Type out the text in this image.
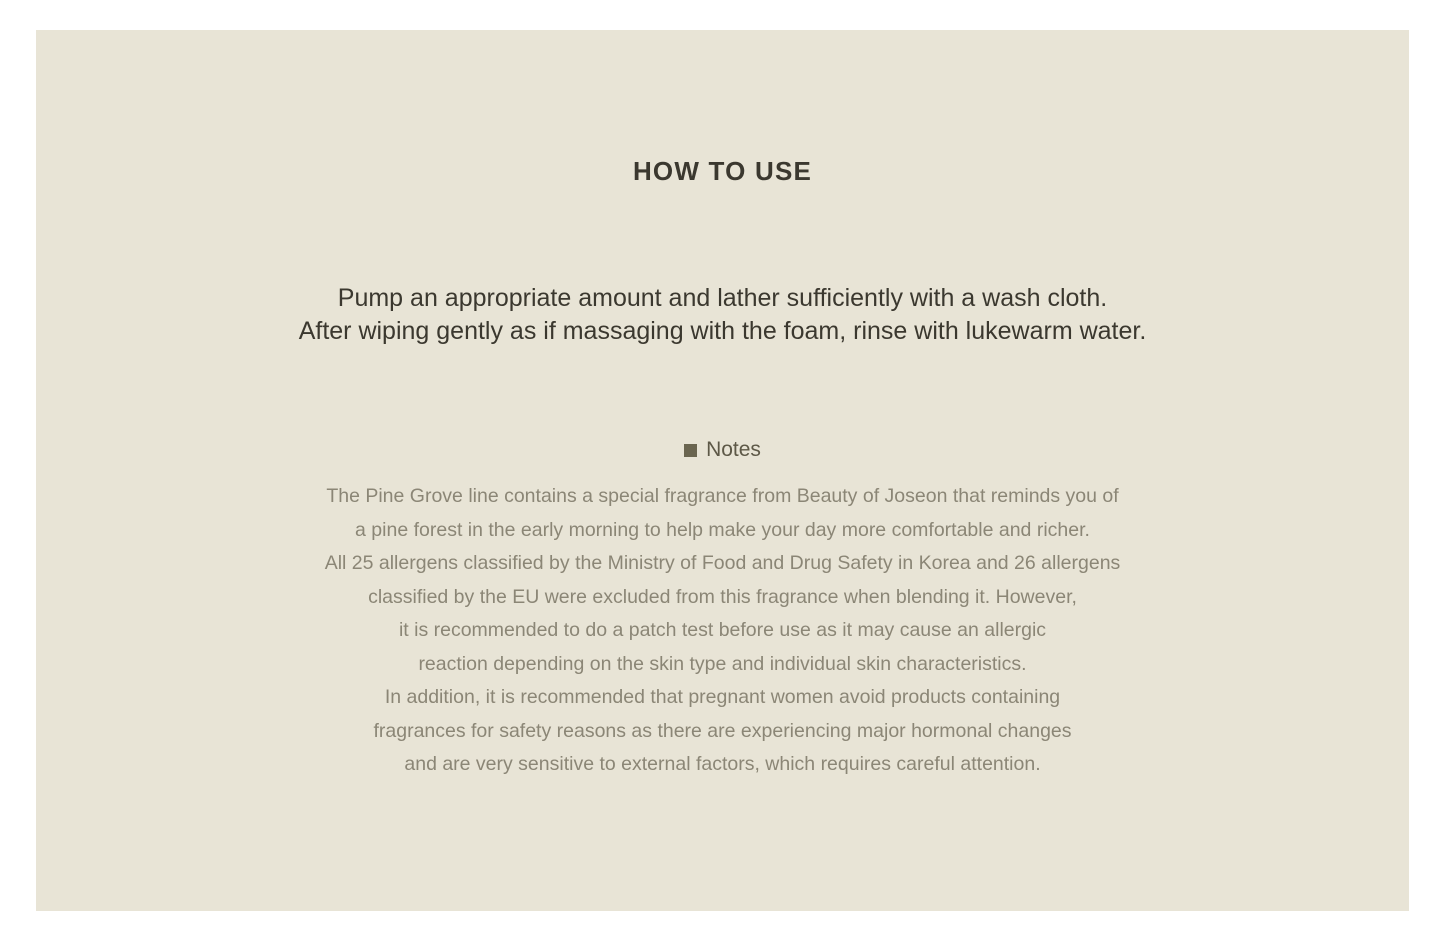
HOW TO USE
Pump an appropriate amount and lather sufficiently with a wash cloth.
After wiping gently as if massaging with the foam, rinse with lukewarm water.
Notes
The Pine Grove line contains a special fragrance from Beauty of Joseon that reminds you of
a pine forest in the early morning to help make your day more comfortable and richer.
All 25 allergens classified by the Ministry of Food and Drug Safety in Korea and 26 allergens
classified by the EU were excluded from this fragrance when blending it. However,
it is recommended to do a patch test before use as it may cause an allergic
reaction depending on the skin type and individual skin characteristics.
In addition, it is recommended that pregnant women avoid products containing
fragrances for safety reasons as there are experiencing major hormonal changes
and are very sensitive to external factors, which requires careful attention.
